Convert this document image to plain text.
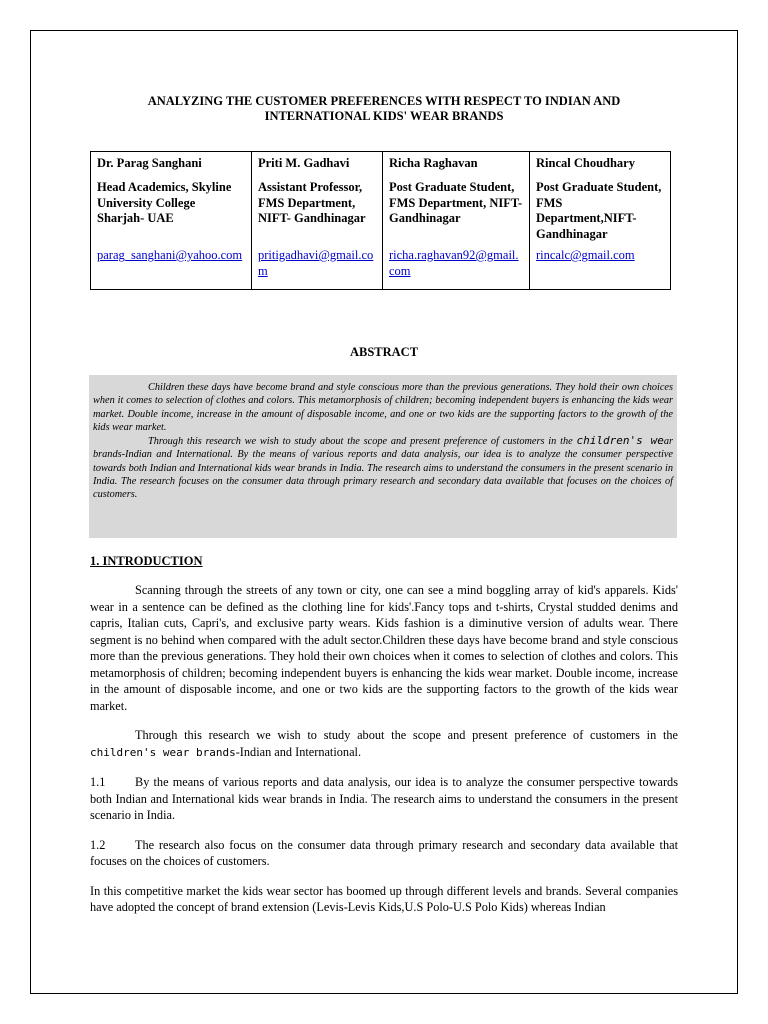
ANALYZING THE CUSTOMER PREFERENCES WITH RESPECT TO INDIAN AND
INTERNATIONAL KIDS' WEAR BRANDS
Dr. Parag Sanghani
Head Academics, Skyline University College Sharjah- UAE
parag_sanghani@yahoo.com

Priti M. Gadhavi
Assistant Professor, FMS Department, NIFT- Gandhinagar
pritigadhavi@gmail.com

Richa Raghavan
Post Graduate Student, FMS Department, NIFT- Gandhinagar
richa.raghavan92@gmail.com

Rincal Choudhary
Post Graduate Student, FMS Department,NIFT- Gandhinagar
rincalc@gmail.com
ABSTRACT

Children these days have become brand and style conscious more than the previous generations. They hold their own choices when it comes to selection of clothes and colors. This metamorphosis of children; becoming independent buyers is enhancing the kids wear market. Double income, increase in the amount of disposable income, and one or two kids are the supporting factors to the growth of the kids wear market.

Through this research we wish to study about the scope and present preference of customers in the children's wear brands-Indian and International. By the means of various reports and data analysis, our idea is to analyze the consumer perspective towards both Indian and International kids wear brands in India. The research aims to understand the consumers in the present scenario in India. The research focuses on the consumer data through primary research and secondary data available that focuses on the choices of customers.

1. INTRODUCTION

Scanning through the streets of any town or city, one can see a mind boggling array of kid's apparels. Kids' wear in a sentence can be defined as the clothing line for kids'.Fancy tops and t-shirts, Crystal studded denims and capris, Italian cuts, Capri's, and exclusive party wears. Kids fashion is a diminutive version of adults wear. There segment is no behind when compared with the adult sector.Children these days have become brand and style conscious more than the previous generations. They hold their own choices when it comes to selection of clothes and colors. This metamorphosis of children; becoming independent buyers is enhancing the kids wear market. Double income, increase in the amount of disposable income, and one or two kids are the supporting factors to the growth of the kids wear market.

Through this research we wish to study about the scope and present preference of customers in the children's wear brands-Indian and International.

1.1 By the means of various reports and data analysis, our idea is to analyze the consumer perspective towards both Indian and International kids wear brands in India. The research aims to understand the consumers in the present scenario in India.

1.2 The research also focus on the consumer data through primary research and secondary data available that focuses on the choices of customers.

In this competitive market the kids wear sector has boomed up through different levels and brands. Several companies have adopted the concept of brand extension (Levis-Levis Kids,U.S Polo-U.S Polo Kids) whereas Indian
